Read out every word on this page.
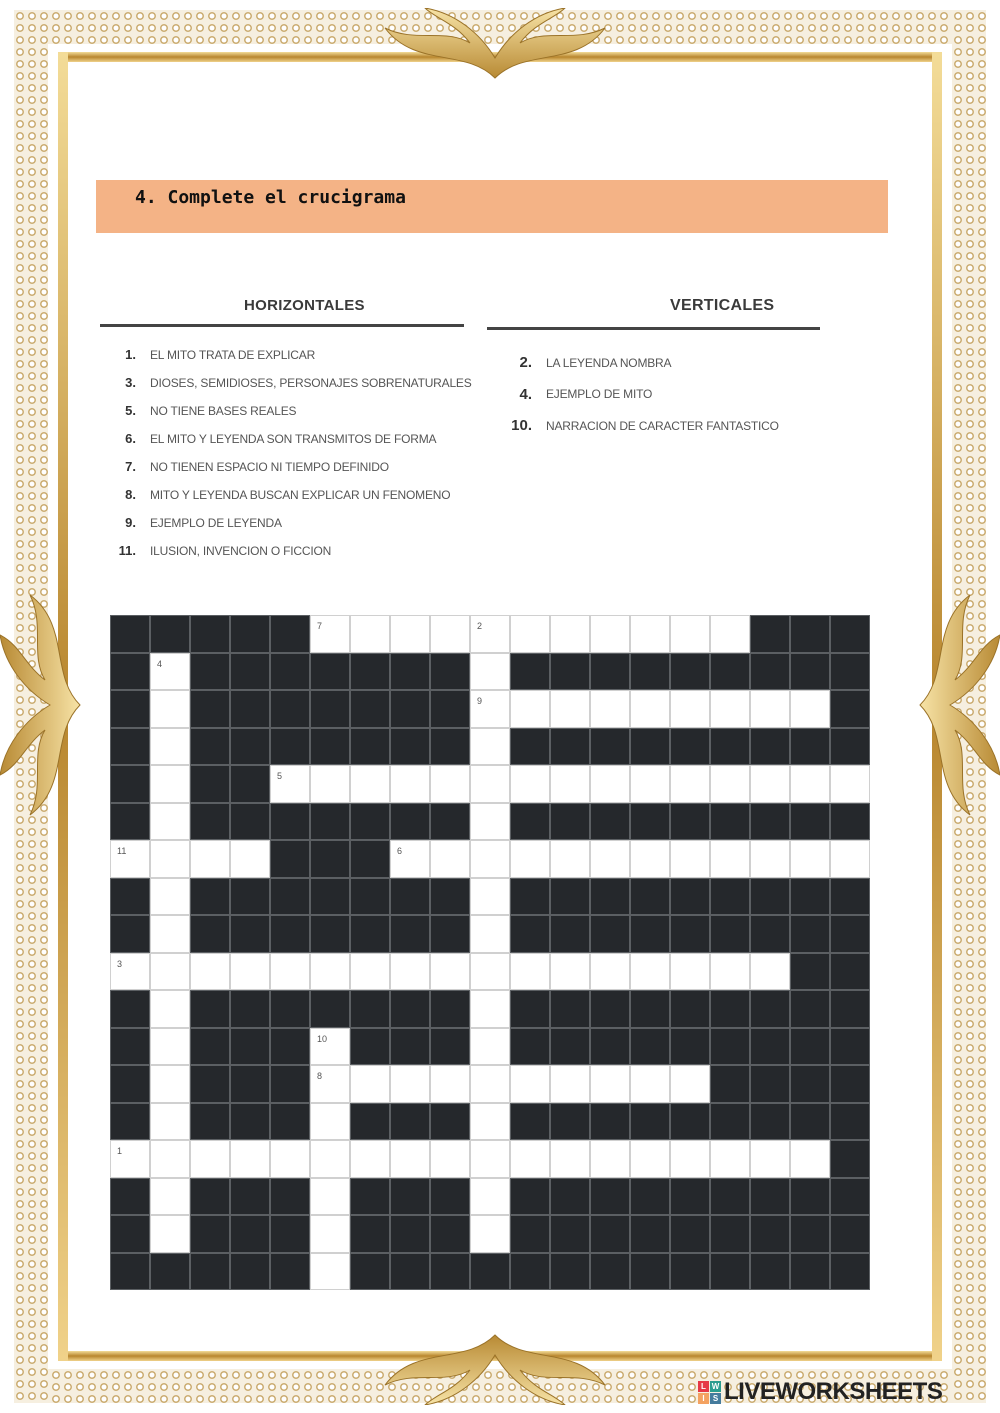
4. Complete el crucigrama
HORIZONTALES
1. EL MITO TRATA DE EXPLICAR
3. DIOSES, SEMIDIOSES, PERSONAJES SOBRENATURALES
5. NO TIENE BASES REALES
6. EL MITO Y LEYENDA SON TRANSMITOS DE FORMA
7. NO TIENEN ESPACIO NI TIEMPO DEFINIDO
8. MITO Y LEYENDA BUSCAN EXPLICAR UN FENOMENO
9. EJEMPLO DE LEYENDA
11. ILUSION, INVENCION O FICCION
VERTICALES
2. LA LEYENDA NOMBRA
4. EJEMPLO DE MITO
10. NARRACION DE CARACTER FANTASTICO
7	2
4
9
5
11	6
3
10
8
1
L W
I	S LIVEWORKSHEETS
